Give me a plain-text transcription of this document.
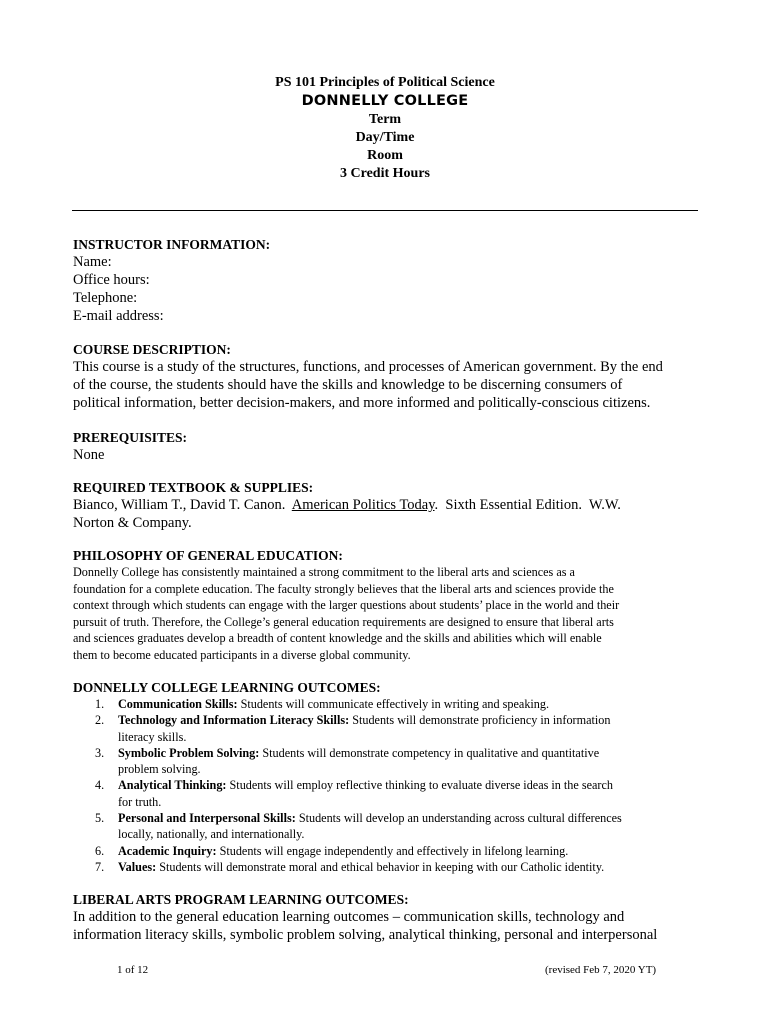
PS 101 Principles of Political Science
DONNELLY COLLEGE
Term
Day/Time
Room
3 Credit Hours
INSTRUCTOR INFORMATION:
Name:
Office hours:
Telephone:
E-mail address:
COURSE DESCRIPTION:
This course is a study of the structures, functions, and processes of American government. By the end
of the course, the students should have the skills and knowledge to be discerning consumers of
political information, better decision-makers, and more informed and politically-conscious citizens.
PREREQUISITES:
None
REQUIRED TEXTBOOK & SUPPLIES:
Bianco, William T., David T. Canon.  American Politics Today.  Sixth Essential Edition.  W.W.
Norton & Company.
PHILOSOPHY OF GENERAL EDUCATION:

Donnelly College has consistently maintained a strong commitment to the liberal arts and sciences as a

foundation for a complete education. The faculty strongly believes that the liberal arts and sciences provide the

context through which students can engage with the larger questions about students’ place in the world and their

pursuit of truth. Therefore, the College’s general education requirements are designed to ensure that liberal arts

and sciences graduates develop a breadth of content knowledge and the skills and abilities which will enable

them to become educated participants in a diverse global community.

DONNELLY COLLEGE LEARNING OUTCOMES:
1. Communication Skills: Students will communicate effectively in writing and speaking.
2. Technology and Information Literacy Skills: Students will demonstrate proficiency in information
literacy skills.
3. Symbolic Problem Solving: Students will demonstrate competency in qualitative and quantitative
problem solving.
4. Analytical Thinking: Students will employ reflective thinking to evaluate diverse ideas in the search
for truth.
5. Personal and Interpersonal Skills: Students will develop an understanding across cultural differences
locally, nationally, and internationally.
6. Academic Inquiry: Students will engage independently and effectively in lifelong learning.
7. Values: Students will demonstrate moral and ethical behavior in keeping with our Catholic identity.
LIBERAL ARTS PROGRAM LEARNING OUTCOMES:
In addition to the general education learning outcomes – communication skills, technology and
information literacy skills, symbolic problem solving, analytical thinking, personal and interpersonal
1 of 12	(revised Feb 7, 2020 YT)
